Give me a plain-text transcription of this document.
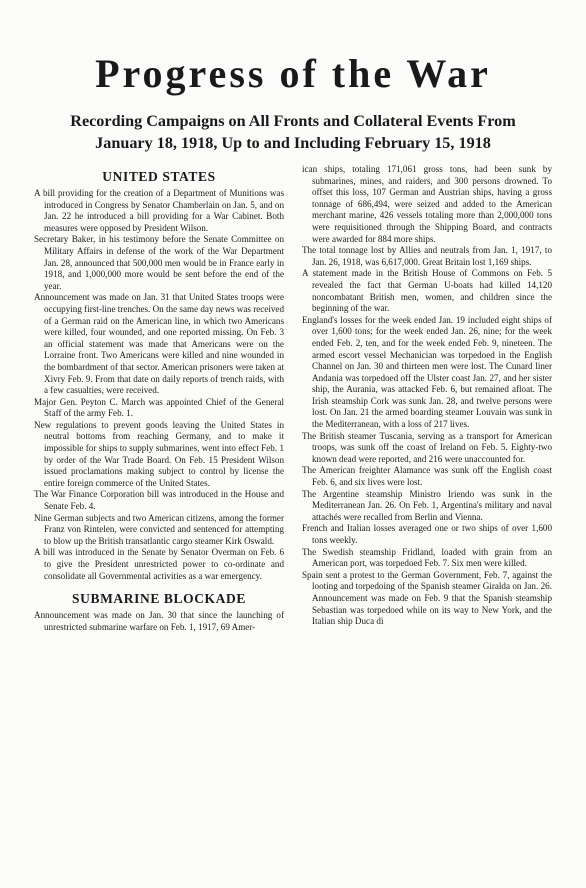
Progress of the War
Recording Campaigns on All Fronts and Collateral Events From
January 18, 1918, Up to and Including February 15, 1918
UNITED STATES

A bill providing for the creation of a Department of Munitions was introduced in Congress by Senator Chamberlain on Jan. 5, and on Jan. 22 he introduced a bill providing for a War Cabinet. Both measures were opposed by President Wilson.

Secretary Baker, in his testimony before the Senate Committee on Military Affairs in defense of the work of the War Department Jan. 28, announced that 500,000 men would be in France early in 1918, and 1,000,000 more would be sent before the end of the year.

Announcement was made on Jan. 31 that United States troops were occupying first-line trenches. On the same day news was received of a German raid on the American line, in which two Americans were killed, four wounded, and one reported missing. On Feb. 3 an official statement was made that Americans were on the Lorraine front. Two Americans were killed and nine wounded in the bombardment of that sector. American prisoners were taken at Xivry Feb. 9. From that date on daily reports of trench raids, with a few casualties, were received.

Major Gen. Peyton C. March was appointed Chief of the General Staff of the army Feb. 1.

New regulations to prevent goods leaving the United States in neutral bottoms from reaching Germany, and to make it impossible for ships to supply submarines, went into effect Feb. 1 by order of the War Trade Board. On Feb. 15 President Wilson issued proclamations making subject to control by license the entire foreign commerce of the United States.

The War Finance Corporation bill was introduced in the House and Senate Feb. 4.

Nine German subjects and two American citizens, among the former Franz von Rintelen, were convicted and sentenced for attempting to blow up the British transatlantic cargo steamer Kirk Oswald.

A bill was introduced in the Senate by Senator Overman on Feb. 6 to give the President unrestricted power to co-ordinate and consolidate all Governmental activities as a war emergency.

SUBMARINE BLOCKADE

Announcement was made on Jan. 30 that since the launching of unrestricted submarine warfare on Feb. 1, 1917, 69 Amer-

ican ships, totaling 171,061 gross tons, had been sunk by submarines, mines, and raiders, and 300 persons drowned. To offset this loss, 107 German and Austrian ships, having a gross tonnage of 686,494, were seized and added to the American merchant marine, 426 vessels totaling more than 2,000,000 tons were requisitioned through the Shipping Board, and contracts were awarded for 884 more ships.

The total tonnage lost by Allies and neutrals from Jan. 1, 1917, to Jan. 26, 1918, was 6,617,000. Great Britain lost 1,169 ships.

A statement made in the British House of Commons on Feb. 5 revealed the fact that German U-boats had killed 14,120 noncombatant British men, women, and children since the beginning of the war.

England's losses for the week ended Jan. 19 included eight ships of over 1,600 tons; for the week ended Jan. 26, nine; for the week ended Feb. 2, ten, and for the week ended Feb. 9, nineteen. The armed escort vessel Mechanician was torpedoed in the English Channel on Jan. 30 and thirteen men were lost. The Cunard liner Andania was torpedoed off the Ulster coast Jan. 27, and her sister ship, the Aurania, was attacked Feb. 6, but remained afloat. The Irish steamship Cork was sunk Jan. 28, and twelve persons were lost. On Jan. 21 the armed boarding steamer Louvain was sunk in the Mediterranean, with a loss of 217 lives.

The British steamer Tuscania, serving as a transport for American troops, was sunk off the coast of Ireland on Feb. 5. Eighty-two known dead were reported, and 216 were unaccounted for.

The American freighter Alamance was sunk off the English coast Feb. 6, and six lives were lost.

The Argentine steamship Ministro Iriendo was sunk in the Mediterranean Jan. 26. On Feb. 1, Argentina's military and naval attachés were recalled from Berlin and Vienna.

French and Italian losses averaged one or two ships of over 1,600 tons weekly.

The Swedish steamship Fridland, loaded with grain from an American port, was torpedoed Feb. 7. Six men were killed.

Spain sent a protest to the German Government, Feb. 7, against the looting and torpedoing of the Spanish steamer Giralda on Jan. 26. Announcement was made on Feb. 9 that the Spanish steamship Sebastian was torpedoed while on its way to New York, and the Italian ship Duca di
